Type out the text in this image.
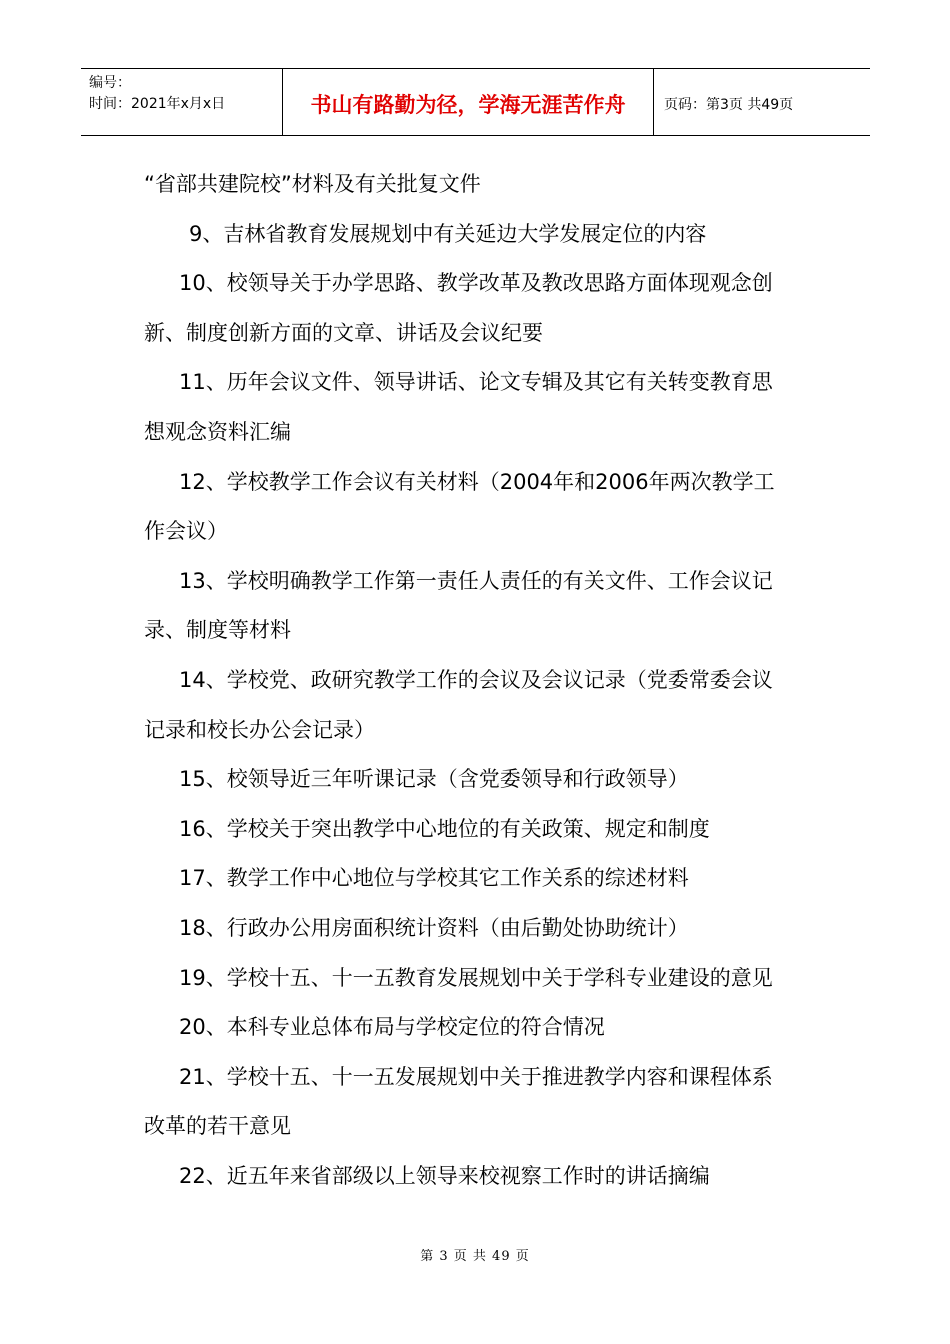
编号：
时间：2021年x月x日	书山有路勤为径，学海无涯苦作舟	页码：第3页 共49页

“省部共建院校”材料及有关批复文件

9、吉林省教育发展规划中有关延边大学发展定位的内容

10、校领导关于办学思路、教学改革及教改思路方面体现观念创

新、制度创新方面的文章、讲话及会议纪要

11、历年会议文件、领导讲话、论文专辑及其它有关转变教育思

想观念资料汇编

12、学校教学工作会议有关材料（2004年和2006年两次教学工

作会议）

13、学校明确教学工作第一责任人责任的有关文件、工作会议记

录、制度等材料

14、学校党、政研究教学工作的会议及会议记录（党委常委会议

记录和校长办公会记录）

15、校领导近三年听课记录（含党委领导和行政领导）

16、学校关于突出教学中心地位的有关政策、规定和制度

17、教学工作中心地位与学校其它工作关系的综述材料

18、行政办公用房面积统计资料（由后勤处协助统计）

19、学校十五、十一五教育发展规划中关于学科专业建设的意见

20、本科专业总体布局与学校定位的符合情况

21、学校十五、十一五发展规划中关于推进教学内容和课程体系

改革的若干意见

22、近五年来省部级以上领导来校视察工作时的讲话摘编

第 3 页 共 49 页
